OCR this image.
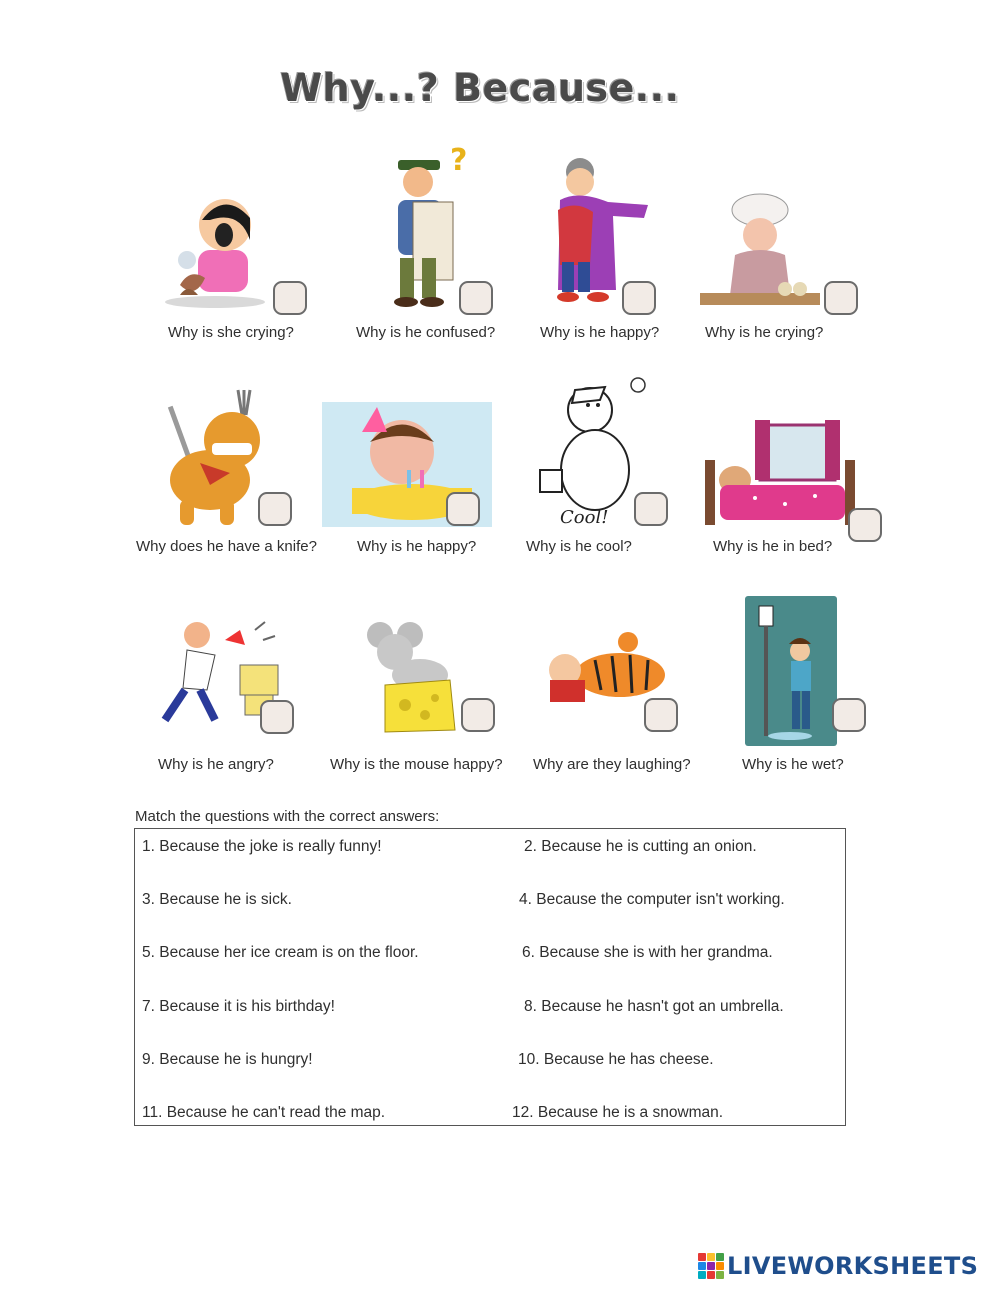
Why...? Because...
?
Why is she crying?	Why is he confused?	Why is he happy?	Why is he crying?
Cool!
Why does he have a knife?	Why is he happy?	Why is he cool?	Why is he in bed?
Why is he angry?	Why is the mouse happy? Why are they laughing?	Why is he wet?
Match the questions with the correct answers:
1. Because the joke is really funny!	2. Because he is cutting an onion.
3. Because he is sick.	4. Because the computer isn't working.
5. Because her ice cream is on the floor.	6. Because she is with her grandma.
7. Because it is his birthday!	8. Because he hasn't got an umbrella.
9. Because he is hungry!	10. Because he has cheese.
11. Because he can't read the map.	12. Because he is a snowman.
LIVEWORKSHEETS
